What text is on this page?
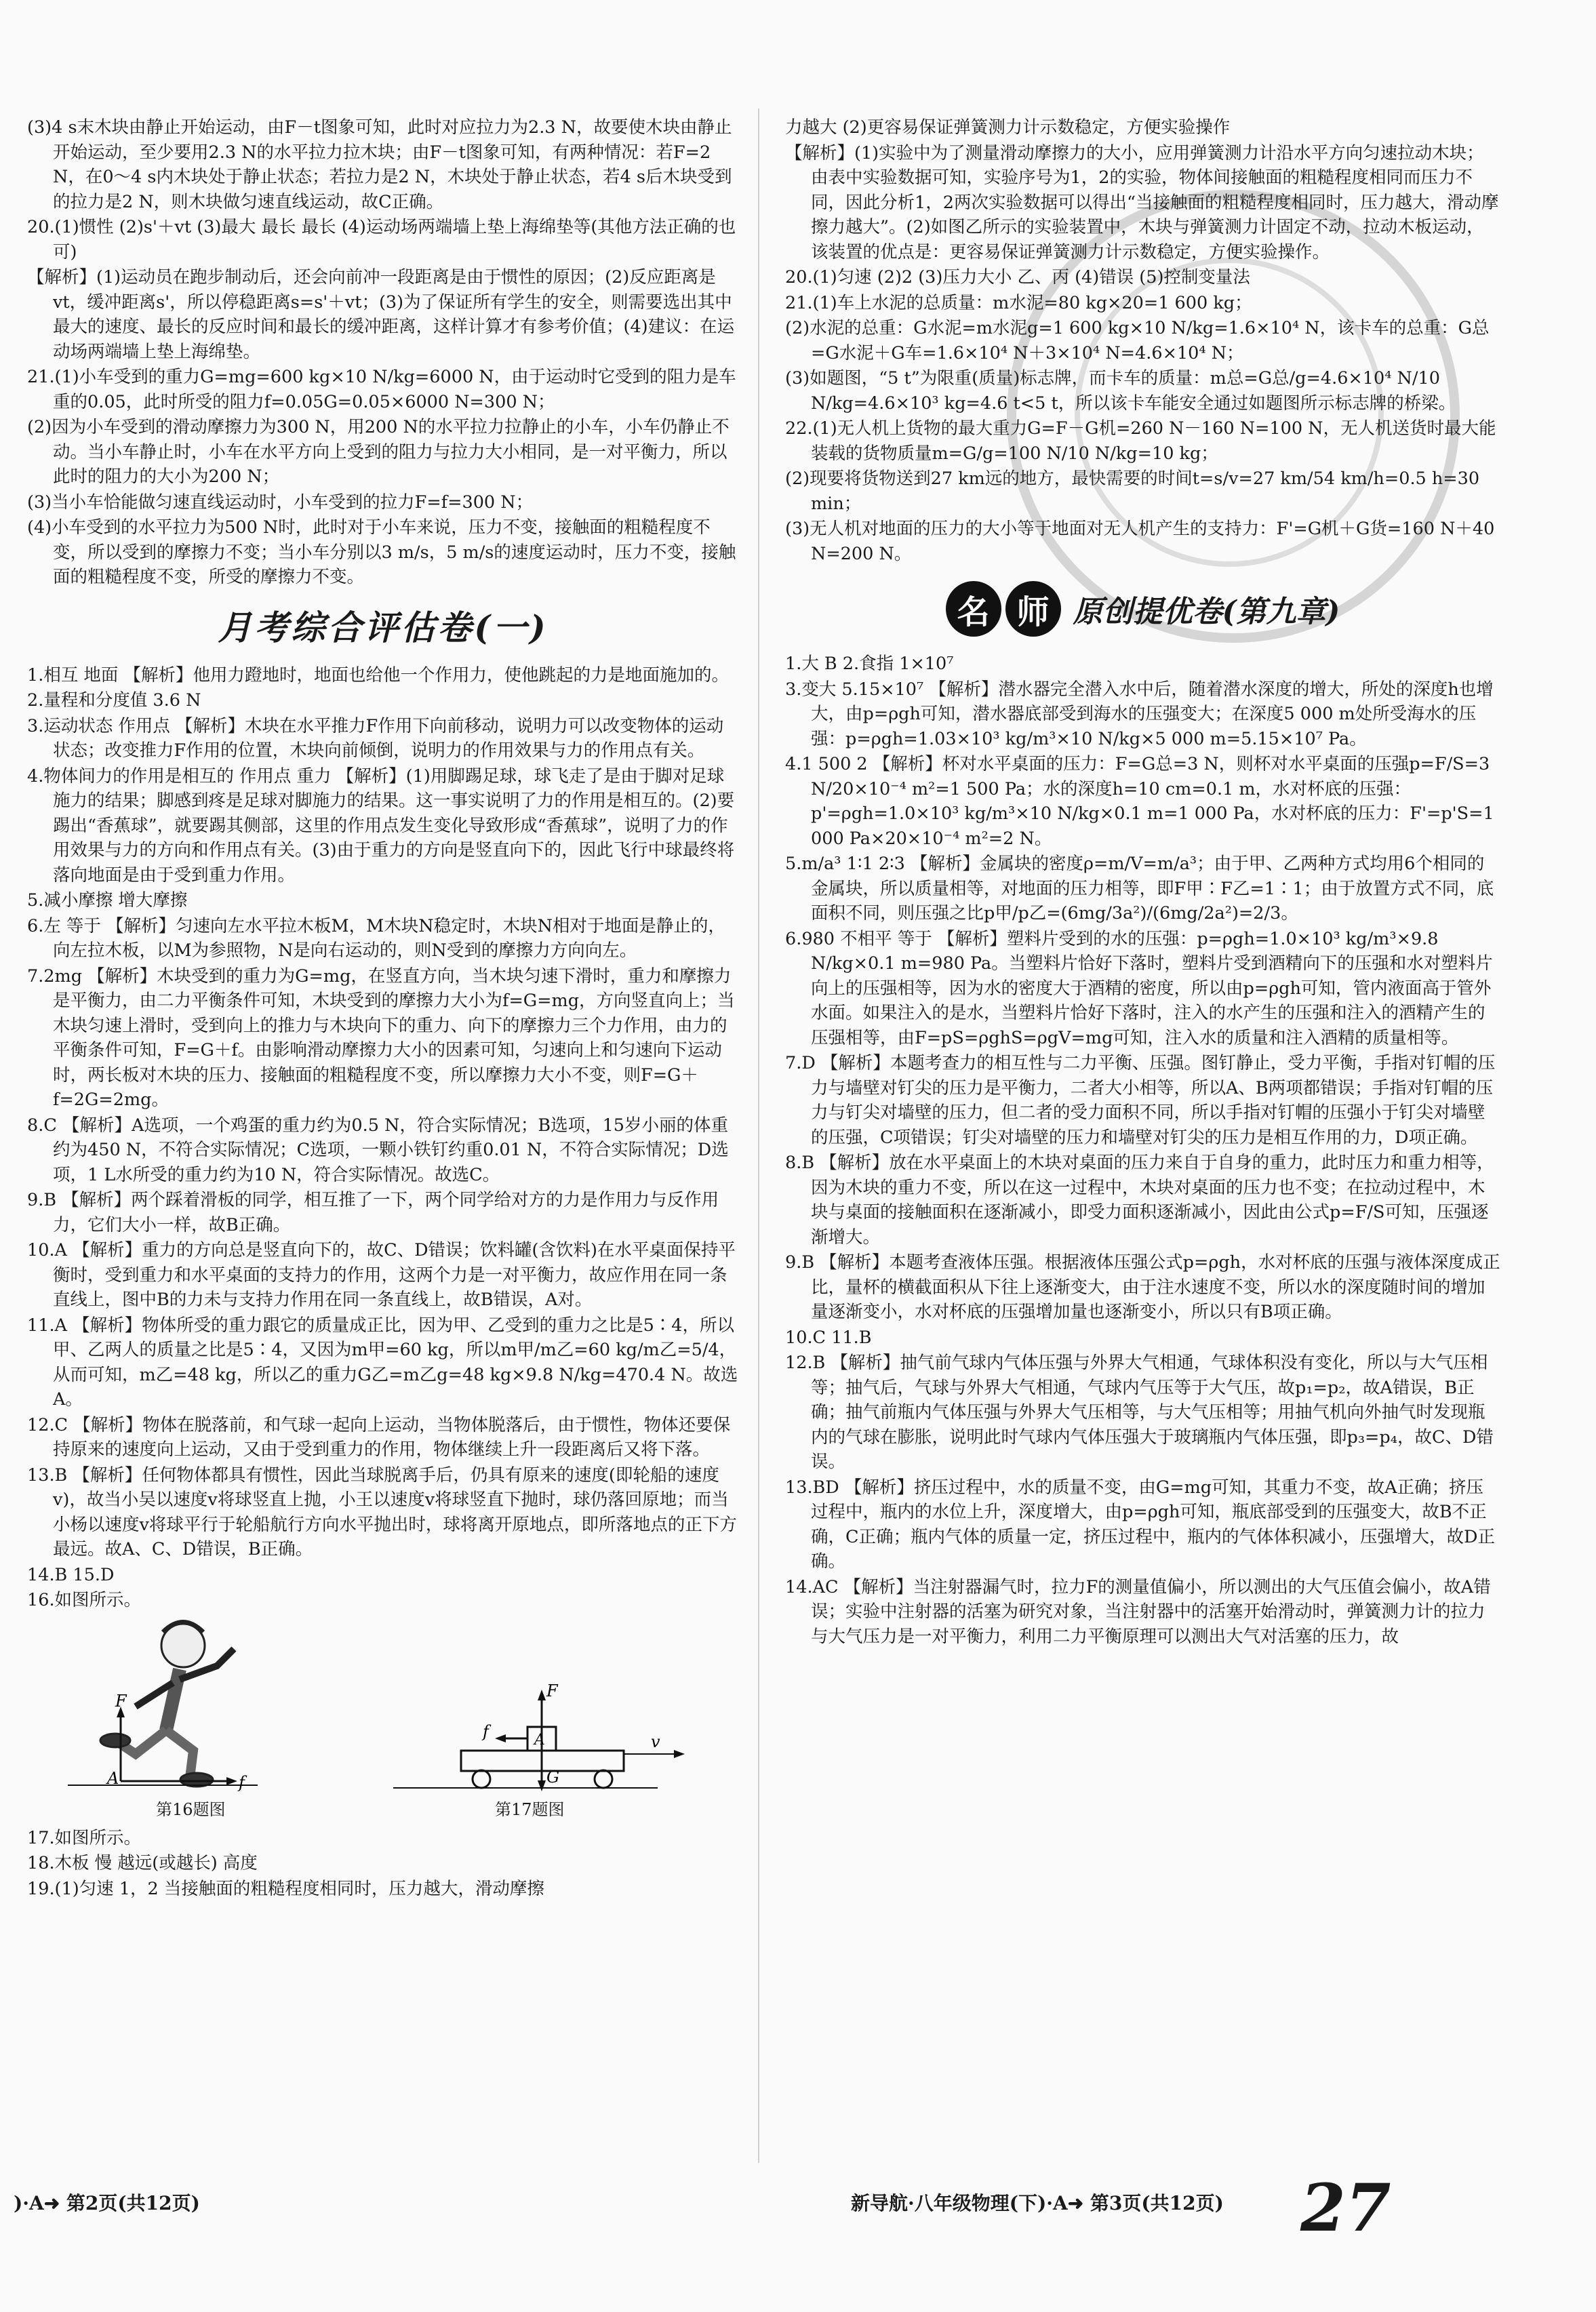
(3)4 s末木块由静止开始运动，由F－t图象可知，此时对应拉力为2.3 N，故要使木块由静止开始运动，至少要用2.3 N的水平拉力拉木块；由F－t图象可知，有两种情况：若F=2 N，在0～4 s内木块处于静止状态；若拉力是2 N，木块处于静止状态，若4 s后木块受到的拉力是2 N，则木块做匀速直线运动，故C正确。

20.(1)惯性 (2)s'＋vt (3)最大 最长 最长 (4)运动场两端墙上垫上海绵垫等(其他方法正确的也可)

【解析】(1)运动员在跑步制动后，还会向前冲一段距离是由于惯性的原因；(2)反应距离是vt，缓冲距离s'，所以停稳距离s=s'＋vt；(3)为了保证所有学生的安全，则需要选出其中最大的速度、最长的反应时间和最长的缓冲距离，这样计算才有参考价值；(4)建议：在运动场两端墙上垫上海绵垫。

21.(1)小车受到的重力G=mg=600 kg×10 N/kg=6000 N，由于运动时它受到的阻力是车重的0.05，此时所受的阻力f=0.05G=0.05×6000 N=300 N；

(2)因为小车受到的滑动摩擦力为300 N，用200 N的水平拉力拉静止的小车，小车仍静止不动。当小车静止时，小车在水平方向上受到的阻力与拉力大小相同，是一对平衡力，所以此时的阻力的大小为200 N；

(3)当小车恰能做匀速直线运动时，小车受到的拉力F=f=300 N；

(4)小车受到的水平拉力为500 N时，此时对于小车来说，压力不变，接触面的粗糙程度不变，所以受到的摩擦力不变；当小车分别以3 m/s，5 m/s的速度运动时，压力不变，接触面的粗糙程度不变，所受的摩擦力不变。

月考综合评估卷(一)

1.相互 地面 【解析】他用力蹬地时，地面也给他一个作用力，使他跳起的力是地面施加的。

2.量程和分度值 3.6 N

3.运动状态 作用点 【解析】木块在水平推力F作用下向前移动，说明力可以改变物体的运动状态；改变推力F作用的位置，木块向前倾倒，说明力的作用效果与力的作用点有关。

4.物体间力的作用是相互的 作用点 重力 【解析】(1)用脚踢足球，球飞走了是由于脚对足球施力的结果；脚感到疼是足球对脚施力的结果。这一事实说明了力的作用是相互的。(2)要踢出“香蕉球”，就要踢其侧部，这里的作用点发生变化导致形成“香蕉球”，说明了力的作用效果与力的方向和作用点有关。(3)由于重力的方向是竖直向下的，因此飞行中球最终将落向地面是由于受到重力作用。

5.减小摩擦 增大摩擦

6.左 等于 【解析】匀速向左水平拉木板M，M木块N稳定时，木块N相对于地面是静止的，向左拉木板，以M为参照物，N是向右运动的，则N受到的摩擦力方向向左。

7.2mg 【解析】木块受到的重力为G=mg，在竖直方向，当木块匀速下滑时，重力和摩擦力是平衡力，由二力平衡条件可知，木块受到的摩擦力大小为f=G=mg，方向竖直向上；当木块匀速上滑时，受到向上的推力与木块向下的重力、向下的摩擦力三个力作用，由力的平衡条件可知，F=G＋f。由影响滑动摩擦力大小的因素可知，匀速向上和匀速向下运动时，两长板对木块的压力、接触面的粗糙程度不变，所以摩擦力大小不变，则F=G＋f=2G=2mg。

8.C 【解析】A选项，一个鸡蛋的重力约为0.5 N，符合实际情况；B选项，15岁小丽的体重约为450 N，不符合实际情况；C选项，一颗小铁钉约重0.01 N，不符合实际情况；D选项，1 L水所受的重力约为10 N，符合实际情况。故选C。

9.B 【解析】两个踩着滑板的同学，相互推了一下，两个同学给对方的力是作用力与反作用力，它们大小一样，故B正确。

10.A 【解析】重力的方向总是竖直向下的，故C、D错误；饮料罐(含饮料)在水平桌面保持平衡时，受到重力和水平桌面的支持力的作用，这两个力是一对平衡力，故应作用在同一条直线上，图中B的力未与支持力作用在同一条直线上，故B错误，A对。

11.A 【解析】物体所受的重力跟它的质量成正比，因为甲、乙受到的重力之比是5∶4，所以甲、乙两人的质量之比是5∶4，又因为m甲=60 kg，所以m甲/m乙=60 kg/m乙=5/4，从而可知，m乙=48 kg，所以乙的重力G乙=m乙g=48 kg×9.8 N/kg=470.4 N。故选A。

12.C 【解析】物体在脱落前，和气球一起向上运动，当物体脱落后，由于惯性，物体还要保持原来的速度向上运动，又由于受到重力的作用，物体继续上升一段距离后又将下落。

13.B 【解析】任何物体都具有惯性，因此当球脱离手后，仍具有原来的速度(即轮船的速度v)，故当小吴以速度v将球竖直上抛，小王以速度v将球竖直下抛时，球仍落回原地；而当小杨以速度v将球平行于轮船航行方向水平抛出时，球将离开原地点，即所落地点的正下方最远。故A、C、D错误，B正确。

14.B 15.D

16.如图所示。

F
A	f
F
A
f
G
v
第16题图	第17题图

17.如图所示。

18.木板 慢 越远(或越长) 高度

19.(1)匀速 1，2 当接触面的粗糙程度相同时，压力越大，滑动摩擦

力越大 (2)更容易保证弹簧测力计示数稳定，方便实验操作

【解析】(1)实验中为了测量滑动摩擦力的大小，应用弹簧测力计沿水平方向匀速拉动木块；由表中实验数据可知，实验序号为1，2的实验，物体间接触面的粗糙程度相同而压力不同，因此分析1，2两次实验数据可以得出“当接触面的粗糙程度相同时，压力越大，滑动摩擦力越大”。(2)如图乙所示的实验装置中，木块与弹簧测力计固定不动，拉动木板运动，该装置的优点是：更容易保证弹簧测力计示数稳定，方便实验操作。

20.(1)匀速 (2)2 (3)压力大小 乙、丙 (4)错误 (5)控制变量法

21.(1)车上水泥的总质量：m水泥=80 kg×20=1 600 kg；

(2)水泥的总重：G水泥=m水泥g=1 600 kg×10 N/kg=1.6×10⁴ N，该卡车的总重：G总=G水泥＋G车=1.6×10⁴ N＋3×10⁴ N=4.6×10⁴ N；

(3)如题图，“5 t”为限重(质量)标志牌，而卡车的质量：m总=G总/g=4.6×10⁴ N/10 N/kg=4.6×10³ kg=4.6 t<5 t，所以该卡车能安全通过如题图所示标志牌的桥梁。

22.(1)无人机上货物的最大重力G=F－G机=260 N－160 N=100 N，无人机送货时最大能装载的货物质量m=G/g=100 N/10 N/kg=10 kg；

(2)现要将货物送到27 km远的地方，最快需要的时间t=s/v=27 km/54 km/h=0.5 h=30 min；

(3)无人机对地面的压力的大小等于地面对无人机产生的支持力：F'=G机＋G货=160 N＋40 N=200 N。

名 师 原创提优卷(第九章)

1.大 B 2.食指 1×10⁷

3.变大 5.15×10⁷ 【解析】潜水器完全潜入水中后，随着潜水深度的增大，所处的深度h也增大，由p=ρgh可知，潜水器底部受到海水的压强变大；在深度5 000 m处所受海水的压强：p=ρgh=1.03×10³ kg/m³×10 N/kg×5 000 m=5.15×10⁷ Pa。

4.1 500 2 【解析】杯对水平桌面的压力：F=G总=3 N，则杯对水平桌面的压强p=F/S=3 N/20×10⁻⁴ m²=1 500 Pa；水的深度h=10 cm=0.1 m，水对杯底的压强：p'=ρgh=1.0×10³ kg/m³×10 N/kg×0.1 m=1 000 Pa，水对杯底的压力：F'=p'S=1 000 Pa×20×10⁻⁴ m²=2 N。

5.m/a³ 1∶1 2∶3 【解析】金属块的密度ρ=m/V=m/a³；由于甲、乙两种方式均用6个相同的金属块，所以质量相等，对地面的压力相等，即F甲∶F乙=1∶1；由于放置方式不同，底面积不同，则压强之比p甲/p乙=(6mg/3a²)/(6mg/2a²)=2/3。

6.980 不相平 等于 【解析】塑料片受到的水的压强：p=ρgh=1.0×10³ kg/m³×9.8 N/kg×0.1 m=980 Pa。当塑料片恰好下落时，塑料片受到酒精向下的压强和水对塑料片向上的压强相等，因为水的密度大于酒精的密度，所以由p=ρgh可知，管内液面高于管外水面。如果注入的是水，当塑料片恰好下落时，注入的水产生的压强和注入的酒精产生的压强相等，由F=pS=ρghS=ρgV=mg可知，注入水的质量和注入酒精的质量相等。

7.D 【解析】本题考查力的相互性与二力平衡、压强。图钉静止，受力平衡，手指对钉帽的压力与墙壁对钉尖的压力是平衡力，二者大小相等，所以A、B两项都错误；手指对钉帽的压力与钉尖对墙壁的压力，但二者的受力面积不同，所以手指对钉帽的压强小于钉尖对墙壁的压强，C项错误；钉尖对墙壁的压力和墙壁对钉尖的压力是相互作用的力，D项正确。

8.B 【解析】放在水平桌面上的木块对桌面的压力来自于自身的重力，此时压力和重力相等，因为木块的重力不变，所以在这一过程中，木块对桌面的压力也不变；在拉动过程中，木块与桌面的接触面积在逐渐减小，即受力面积逐渐减小，因此由公式p=F/S可知，压强逐渐增大。

9.B 【解析】本题考查液体压强。根据液体压强公式p=ρgh，水对杯底的压强与液体深度成正比，量杯的横截面积从下往上逐渐变大，由于注水速度不变，所以水的深度随时间的增加量逐渐变小，水对杯底的压强增加量也逐渐变小，所以只有B项正确。

10.C 11.B

12.B 【解析】抽气前气球内气体压强与外界大气相通，气球体积没有变化，所以与大气压相等；抽气后，气球与外界大气相通，气球内气压等于大气压，故p₁=p₂，故A错误，B正确；抽气前瓶内气体压强与外界大气压相等，与大气压相等；用抽气机向外抽气时发现瓶内的气球在膨胀，说明此时气球内气体压强大于玻璃瓶内气体压强，即p₃=p₄，故C、D错误。

13.BD 【解析】挤压过程中，水的质量不变，由G=mg可知，其重力不变，故A正确；挤压过程中，瓶内的水位上升，深度增大，由p=ρgh可知，瓶底部受到的压强变大，故B不正确，C正确；瓶内气体的质量一定，挤压过程中，瓶内的气体体积减小，压强增大，故D正确。

14.AC 【解析】当注射器漏气时，拉力F的测量值偏小，所以测出的大气压值会偏小，故A错误；实验中注射器的活塞为研究对象，当注射器中的活塞开始滑动时，弹簧测力计的拉力与大气压力是一对平衡力，利用二力平衡原理可以测出大气对活塞的压力，故

)·A➜ 第2页(共12页)	新导航·八年级物理(下)·A➜ 第3页(共12页) 27
